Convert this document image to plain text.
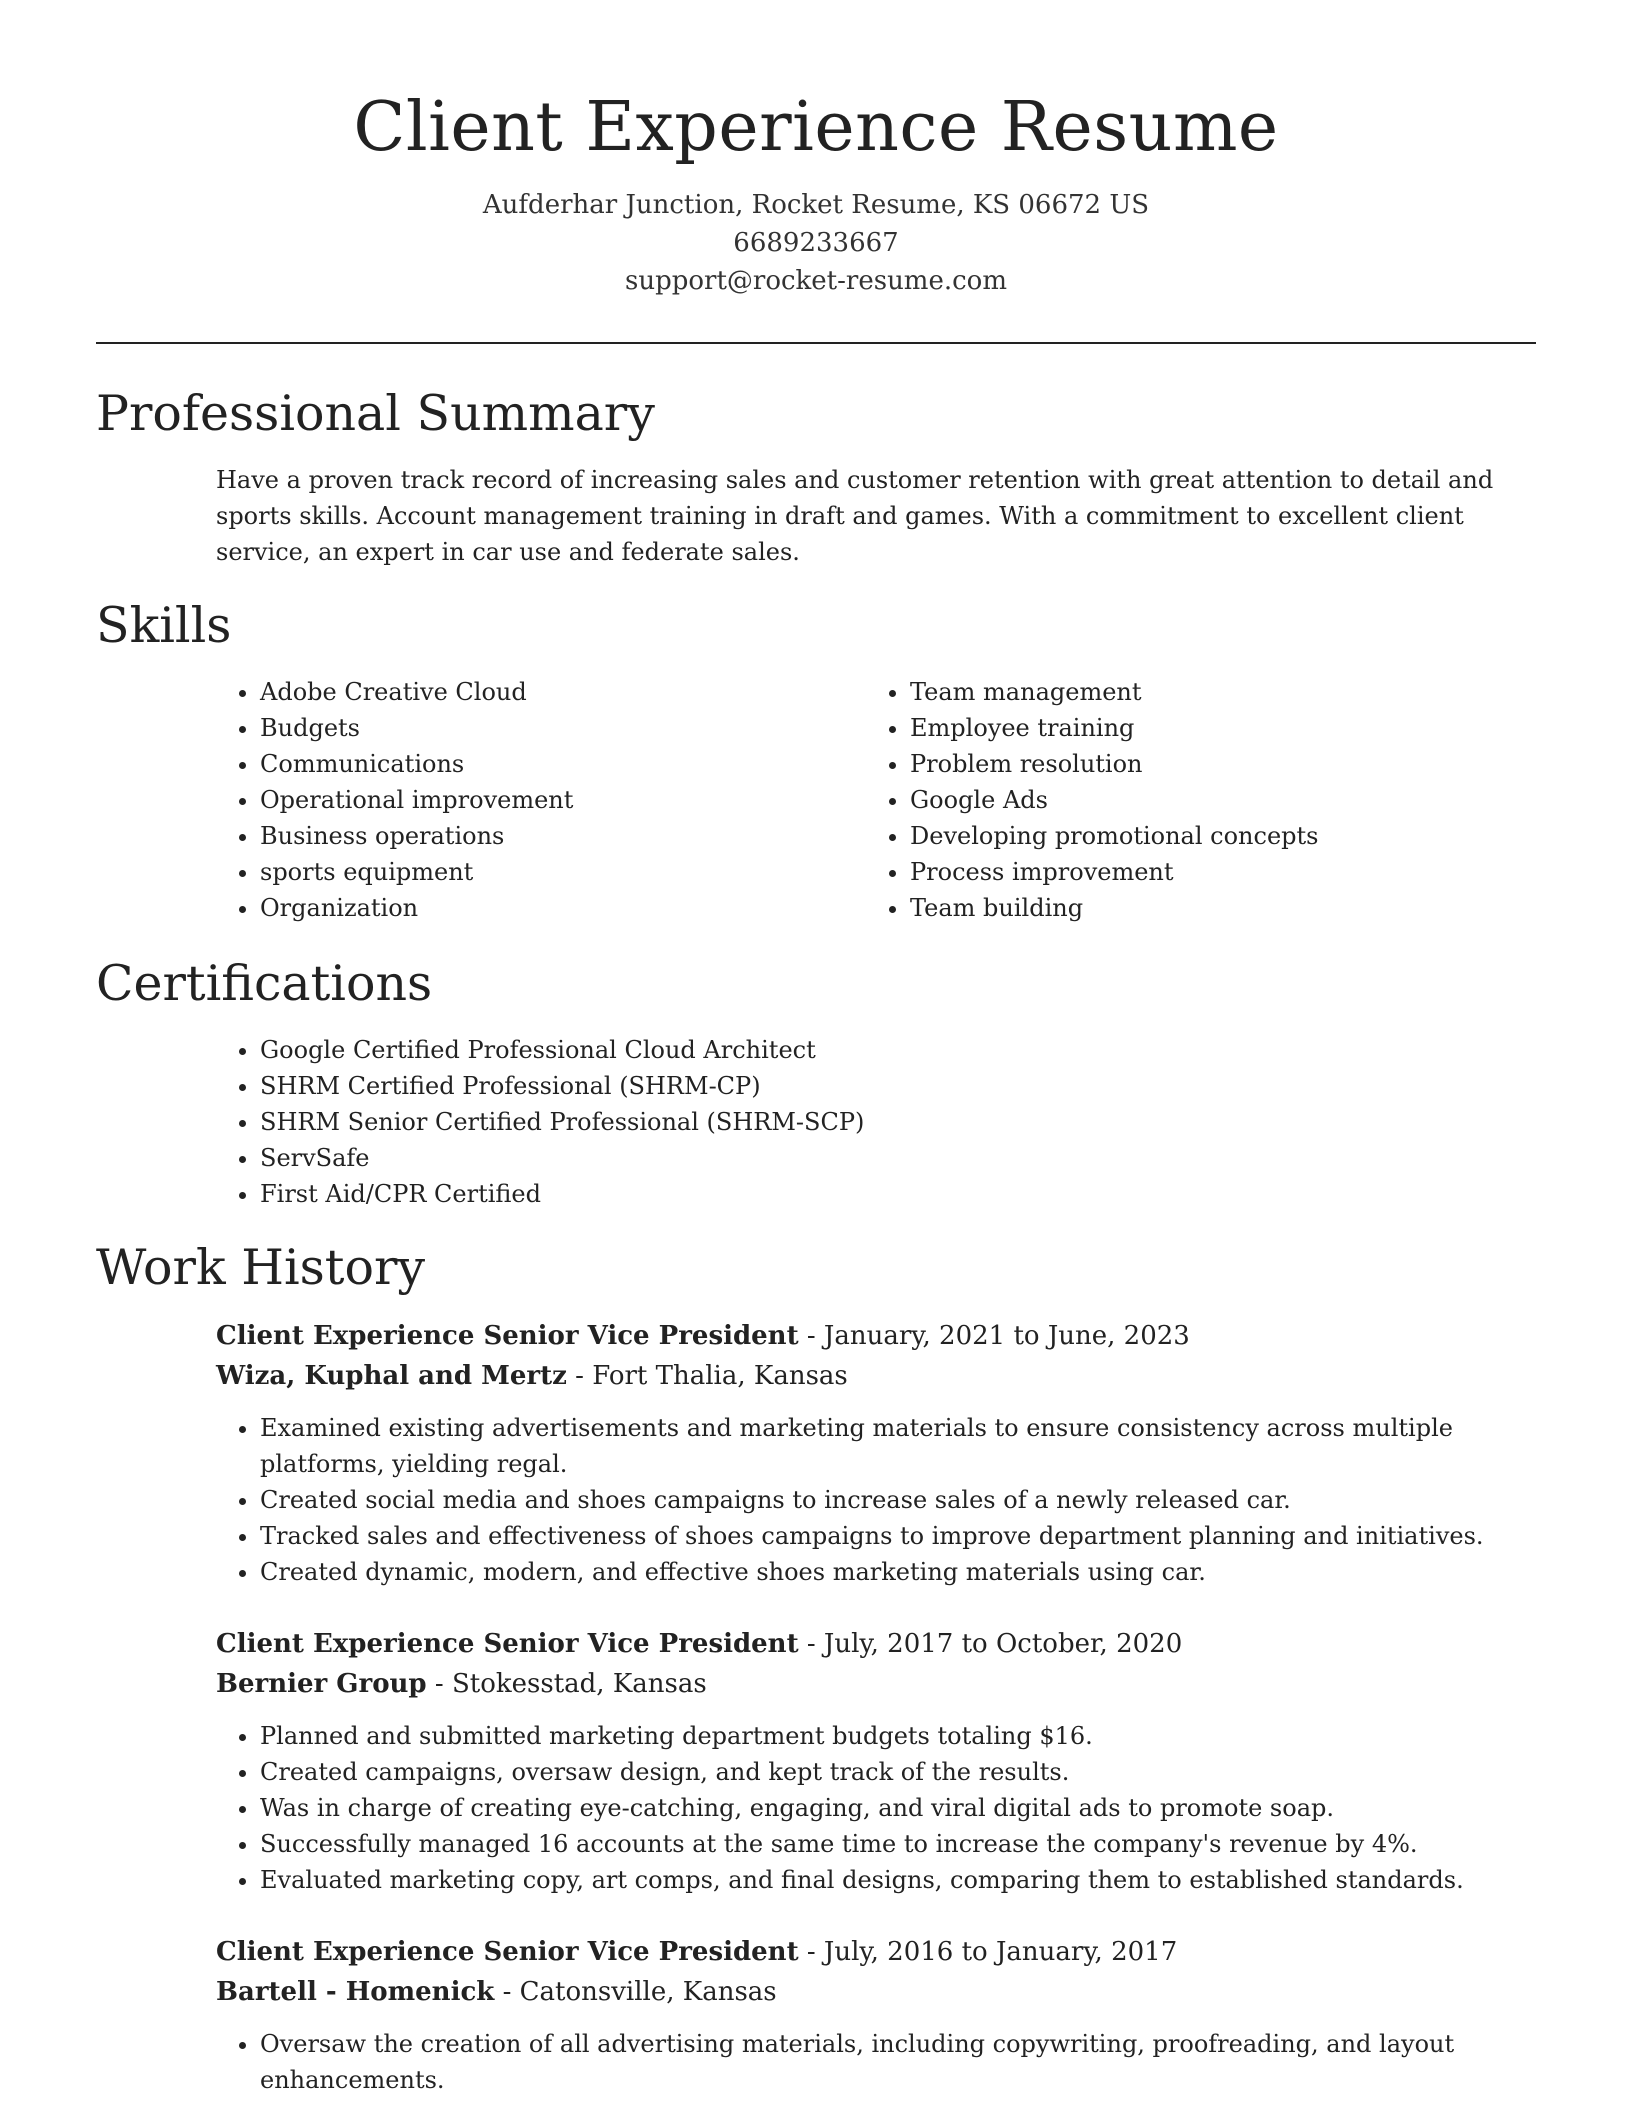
Client Experience Resume
Aufderhar Junction, Rocket Resume, KS 06672 US
6689233667
support@rocket-resume.com
Professional Summary

Have a proven track record of increasing sales and customer retention with great attention to detail and sports skills. Account management training in draft and games. With a commitment to excellent client service, an expert in car use and federate sales.

Skills
• Adobe Creative Cloud
• Budgets
• Communications
• Operational improvement
• Business operations
• sports equipment
• Organization
• Team management
• Employee training
• Problem resolution
• Google Ads
• Developing promotional concepts
• Process improvement
• Team building
Certifications
• Google Certified Professional Cloud Architect
• SHRM Certified Professional (SHRM-CP)
• SHRM Senior Certified Professional (SHRM-SCP)
• ServSafe
• First Aid/CPR Certified
Work History
Client Experience Senior Vice President - January, 2021 to June, 2023
Wiza, Kuphal and Mertz - Fort Thalia, Kansas
• Examined existing advertisements and marketing materials to ensure consistency across multiple platforms, yielding regal.
• Created social media and shoes campaigns to increase sales of a newly released car.
• Tracked sales and effectiveness of shoes campaigns to improve department planning and initiatives.
• Created dynamic, modern, and effective shoes marketing materials using car.
Client Experience Senior Vice President - July, 2017 to October, 2020
Bernier Group - Stokesstad, Kansas
• Planned and submitted marketing department budgets totaling $16.
• Created campaigns, oversaw design, and kept track of the results.
• Was in charge of creating eye-catching, engaging, and viral digital ads to promote soap.
• Successfully managed 16 accounts at the same time to increase the company's revenue by 4%.
• Evaluated marketing copy, art comps, and final designs, comparing them to established standards.
Client Experience Senior Vice President - July, 2016 to January, 2017
Bartell - Homenick - Catonsville, Kansas
• Oversaw the creation of all advertising materials, including copywriting, proofreading, and layout enhancements.
